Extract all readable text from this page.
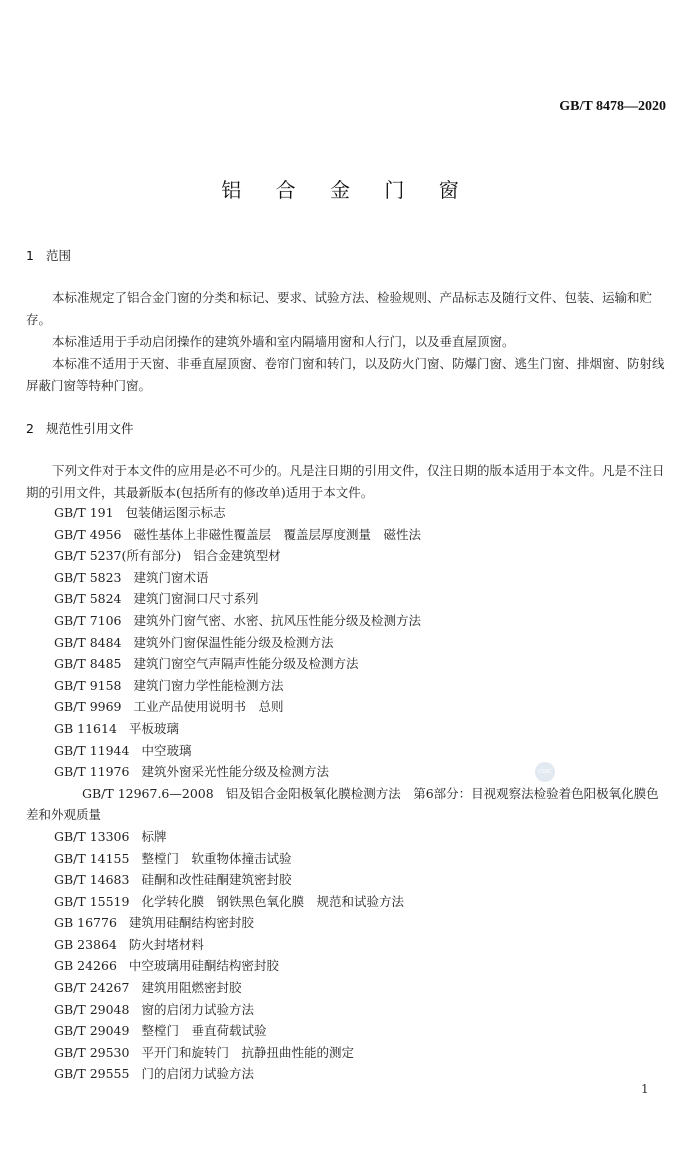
GB/T 8478—2020
铝 合 金 门 窗
1 范围
本标准规定了铝合金门窗的分类和标记、要求、试验方法、检验规则、产品标志及随行文件、包装、运输和贮存。
本标准适用于手动启闭操作的建筑外墙和室内隔墙用窗和人行门，以及垂直屋顶窗。
本标准不适用于天窗、非垂直屋顶窗、卷帘门窗和转门，以及防火门窗、防爆门窗、逃生门窗、排烟窗、防射线屏蔽门窗等特种门窗。
2 规范性引用文件
下列文件对于本文件的应用是必不可少的。凡是注日期的引用文件，仅注日期的版本适用于本文件。凡是不注日期的引用文件，其最新版本(包括所有的修改单)适用于本文件。
GB/T 191 包装储运图示标志
GB/T 4956 磁性基体上非磁性覆盖层　覆盖层厚度测量　磁性法
GB/T 5237(所有部分) 铝合金建筑型材
GB/T 5823 建筑门窗术语
GB/T 5824 建筑门窗洞口尺寸系列
GB/T 7106 建筑外门窗气密、水密、抗风压性能分级及检测方法
GB/T 8484 建筑外门窗保温性能分级及检测方法
GB/T 8485 建筑门窗空气声隔声性能分级及检测方法
GB/T 9158 建筑门窗力学性能检测方法
GB/T 9969 工业产品使用说明书　总则
GB 11614 平板玻璃
GB/T 11944 中空玻璃
GB/T 11976 建筑外窗采光性能分级及检测方法
GB/T 12967.6—2008 铝及铝合金阳极氧化膜检测方法　第6部分：目视观察法检验着色阳极氧化膜色差和外观质量
GB/T 13306 标牌
GB/T 14155 整樘门　软重物体撞击试验
GB/T 14683 硅酮和改性硅酮建筑密封胶
GB/T 15519 化学转化膜　钢铁黑色氧化膜　规范和试验方法
GB 16776 建筑用硅酮结构密封胶
GB 23864 防火封堵材料
GB 24266 中空玻璃用硅酮结构密封胶
GB/T 24267 建筑用阻燃密封胶
GB/T 29048 窗的启闭力试验方法
GB/T 29049 整樘门　垂直荷载试验
GB/T 29530 平开门和旋转门　抗静扭曲性能的测定
GB/T 29555 门的启闭力试验方法
CSRC
1
